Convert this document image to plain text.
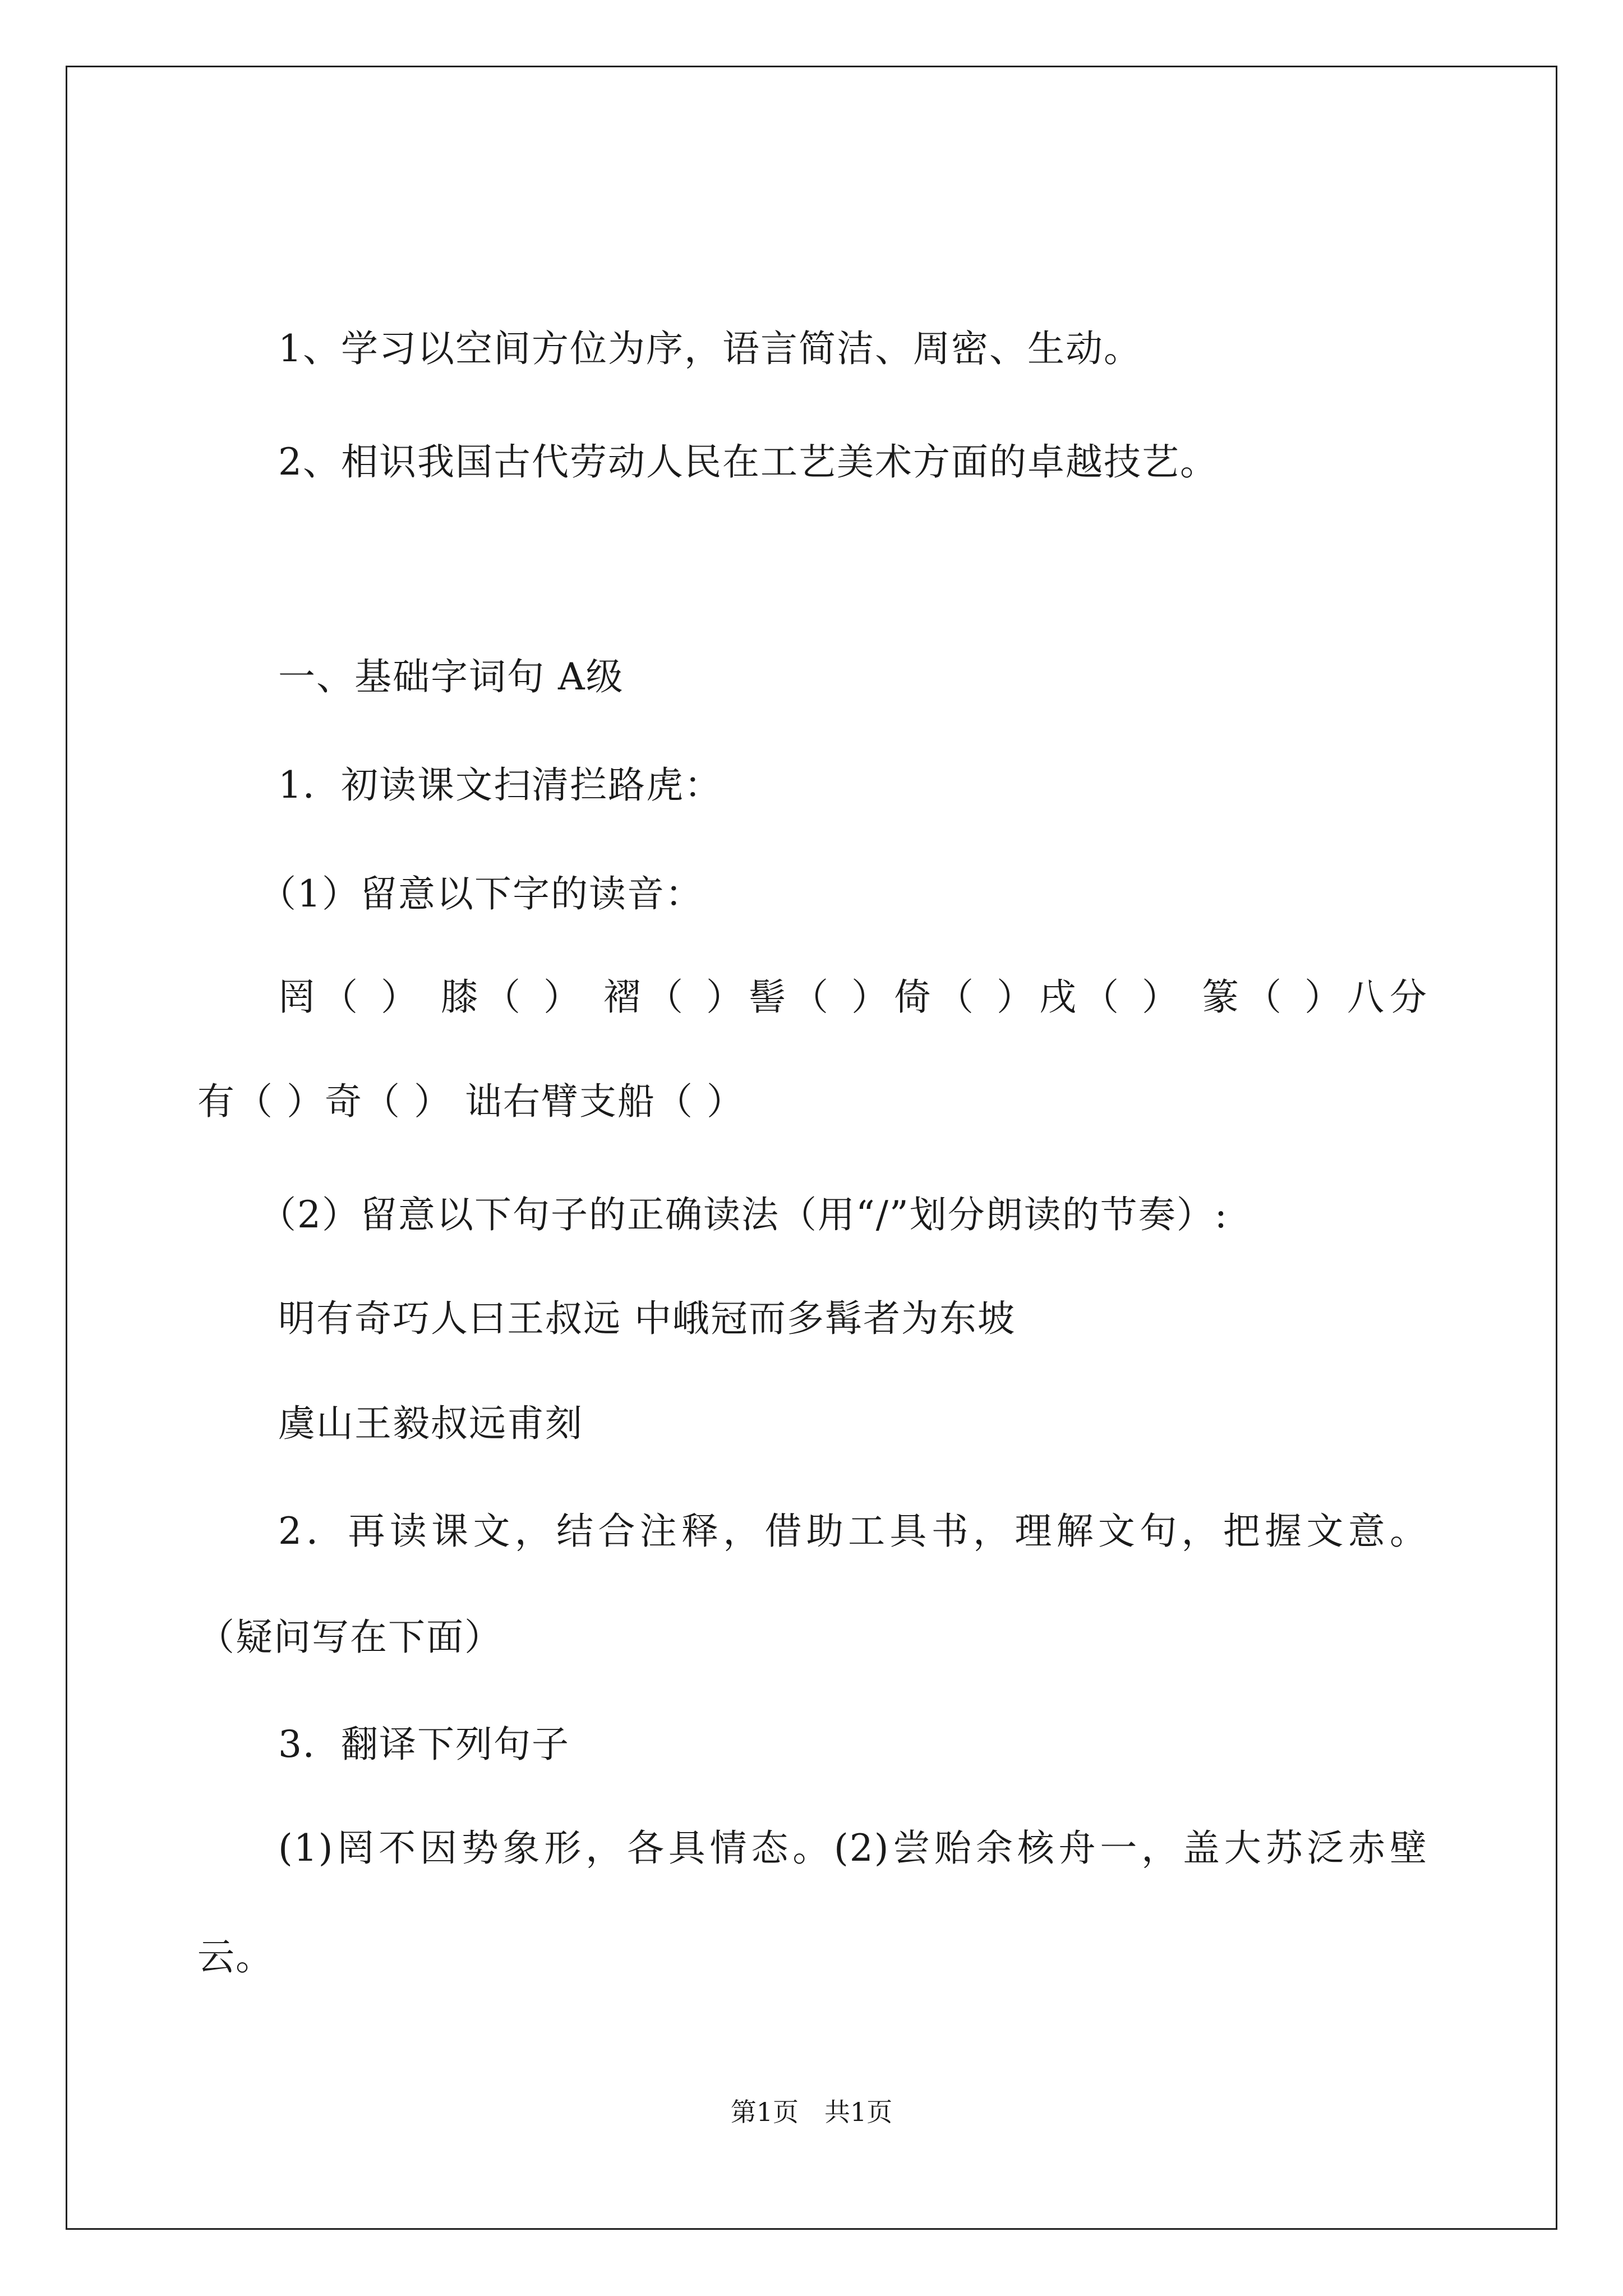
1、学习以空间方位为序，语言简洁、周密、生动。
2、相识我国古代劳动人民在工艺美术方面的卓越技艺。
一、基础字词句 A级
1．初读课文扫清拦路虎：
（1）留意以下字的读音：
罔（ ） 膝（ ） 褶（ ）髻（ ）倚（ ）戌（ ） 篆（ ）八分
有（ ）奇（ ） 诎右臂支船（ ）
（2）留意以下句子的正确读法（用“/”划分朗读的节奏）:
明有奇巧人曰王叔远 中峨冠而多髯者为东坡
虞山王毅叔远甫刻
2．再读课文，结合注释，借助工具书，理解文句，把握文意。
（疑问写在下面）
3．翻译下列句子
(1)罔不因势象形，各具情态。(2)尝贻余核舟一，盖大苏泛赤壁
云。
第1页　共1页
